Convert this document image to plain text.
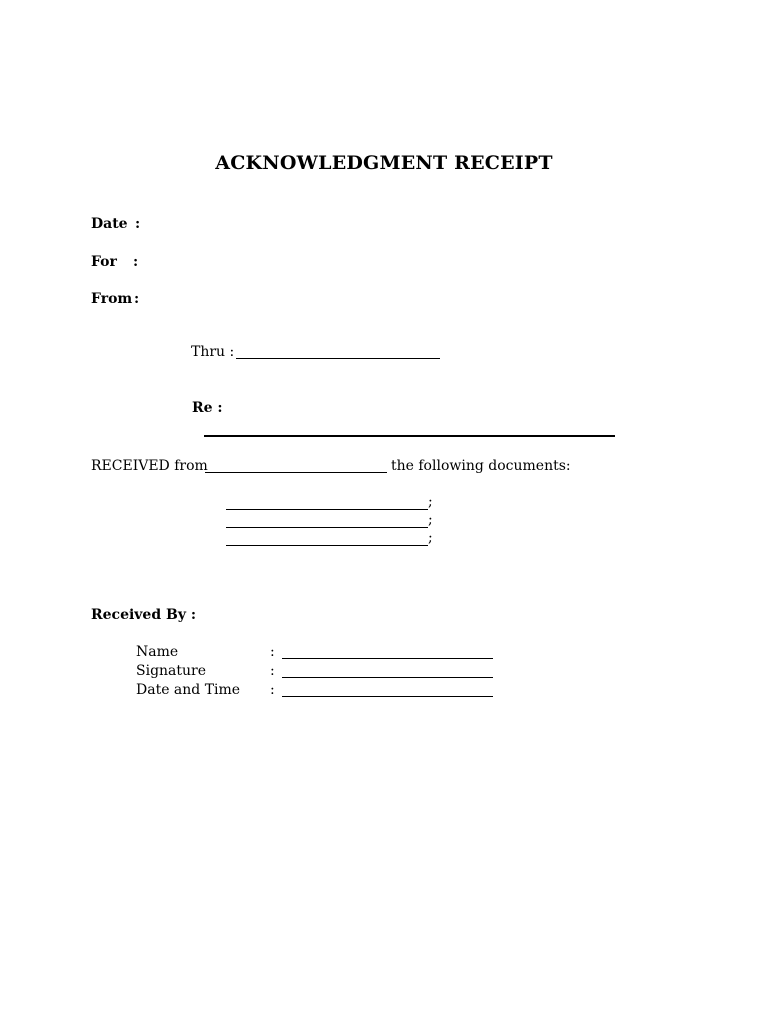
ACKNOWLEDGMENT RECEIPT
Date :
For :
From :
Thru :
Re :
RECEIVED from	the following documents:
;
;
;
Received By :
Name	:
Signature	:
Date and Time :
